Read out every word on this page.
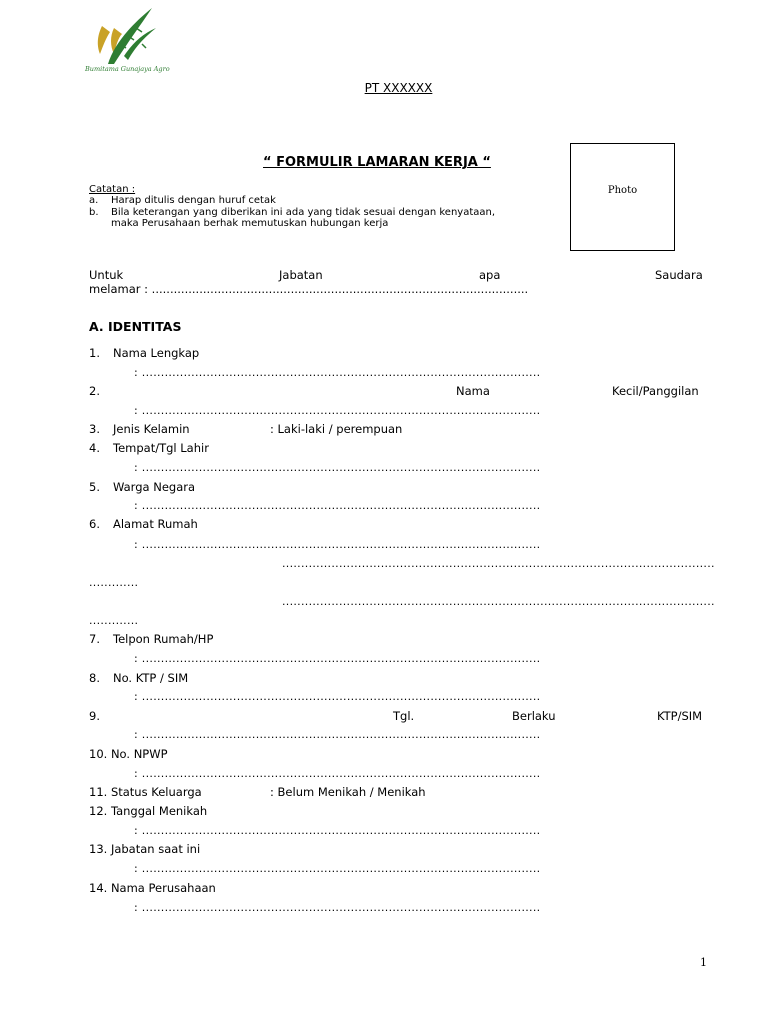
Bumitama Gunajaya Agro
PT XXXXXX
“ FORMULIR LAMARAN KERJA “
Photo
Catatan :
a. Harap ditulis dengan huruf cetak
b. Bila keterangan yang diberikan ini ada yang tidak sesuai dengan kenyataan,
maka Perusahaan berhak memutuskan hubungan kerja
Untuk	Jabatan	apa	Saudara
melamar : .......................................................................................................
A. IDENTITAS
1. Nama Lengkap
: .........................................................................................................
2.	Nama	Kecil/Panggilan
: .........................................................................................................
3. Jenis Kelamin	: Laki-laki / perempuan
4. Tempat/Tgl Lahir
: .........................................................................................................
5. Warga Negara
: .........................................................................................................
6. Alamat Rumah
: .........................................................................................................
..................................................................................................................
.............
..................................................................................................................
.............
7. Telpon Rumah/HP
: .........................................................................................................
8. No. KTP / SIM
: .........................................................................................................
9.	Tgl.	Berlaku	KTP/SIM
: .........................................................................................................
10. No. NPWP
: .........................................................................................................
11. Status Keluarga	: Belum Menikah / Menikah
12. Tanggal Menikah
: .........................................................................................................
13. Jabatan saat ini
: .........................................................................................................
14. Nama Perusahaan
: .........................................................................................................
1
